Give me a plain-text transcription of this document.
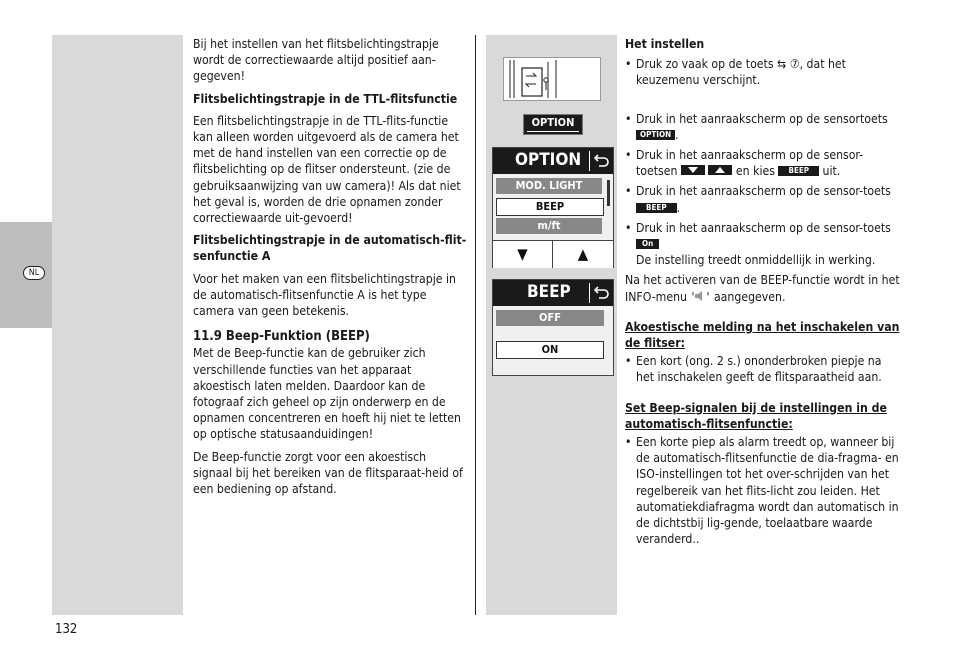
NL

Bij het instellen van het flitsbelichtingstrapje wordt de correctiewaarde altijd positief aan-gegeven!

Flitsbelichtingstrapje in de TTL-flitsfunctie

Een flitsbelichtingstrapje in de TTL-flits-functie kan alleen worden uitgevoerd als de camera het met de hand instellen van een correctie op de flitsbelichting op de flitser ondersteunt. (zie de gebruiksaanwijzing van uw camera)! Als dat niet het geval is, worden de drie opnamen zonder correctiewaarde uit-gevoerd!

Flitsbelichtingstrapje in de automatisch-flit-senfunctie A

Voor het maken van een flitsbelichtingstrapje in de automatisch-flitsenfunctie A is het type camera van geen betekenis.

11.9 Beep-Funktion (BEEP)

Met de Beep-functie kan de gebruiker zich verschillende functies van het apparaat akoestisch laten melden. Daardoor kan de fotograaf zich geheel op zijn onderwerp en de opnamen concentreren en hoeft hij niet te letten op optische statusaanduidingen!

De Beep-functie zorgt voor een akoestisch signaal bij het bereiken van de flitsparaat-heid of een bediening op afstand.

OPTION
OPTION
MOD. LIGHT
BEEP
m/ft
▼	▲
BEEP
OFF
ON
Het instellen
• Druk zo vaak op de toets ⇆ ⑦, dat het keuzemenu verschijnt.
• Druk in het aanraakscherm op de sensortoets OPTION .
• Druk in het aanraakscherm op de sensor-toetsen
	en kies BEEP uit.
• Druk in het aanraakscherm op de sensor-toets BEEP .
• Druk in het aanraakscherm op de sensor-toets On
De instelling treedt onmiddellijk in werking.

Na het activeren van de BEEP-functie wordt in het INFO-menu ' ' aangegeven.

Akoestische melding na het inschakelen van de flitser:
• Een kort (ong. 2 s.) ononderbroken piepje na het inschakelen geeft de flitsparaatheid aan.
Set Beep-signalen bij de instellingen in de automatisch-flitsenfunctie:
• Een korte piep als alarm treedt op, wanneer bij de automatisch-flitsenfunctie de dia-fragma- en ISO-instellingen tot het over-schrijden van het regelbereik van het flits-licht zou leiden. Het automatiekdiafragma wordt dan automatisch in de dichtstbij lig-gende, toelaatbare waarde veranderd..
132
